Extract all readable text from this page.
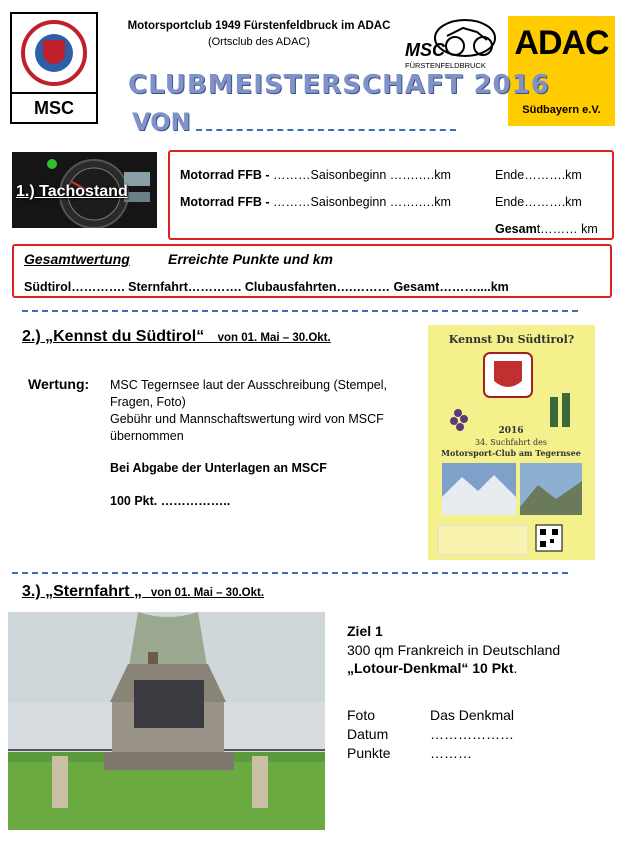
MSC
Motorsportclub 1949 Fürstenfeldbruck im ADAC
(Ortsclub des ADAC)	MSC
FÜRSTENFELDBRUCK
ADAC
Südbayern e.V.
CLUBMEISTERSCHAFT 2016
VON
1.) Tachostand
Motorrad FFB - ………Saisonbeginn …….….km	Ende……….km
Motorrad FFB - ………Saisonbeginn …….….km	Ende……….km
Gesamt……… km
Gesamtwertung	Erreichte Punkte und km
Südtirol…………. Sternfahrt…………. Clubausfahrten….……… Gesamt………....km
2.) „Kennst du Südtirol“ von 01. Mai – 30.Okt.
Wertung: MSC Tegernsee laut der Ausschreibung (Stempel, Fragen, Foto)
Gebühr und Mannschaftswertung wird von MSCF übernommen
Bei Abgabe der Unterlagen an MSCF
100 Pkt. ……………..
Kennst Du Südtirol?
2016
34. Suchfahrt des
Motorsport-Club am Tegernsee
3.) „Sternfahrt „ von 01. Mai – 30.Okt.
Ziel 1
300 qm Frankreich in Deutschland
„Lotour-Denkmal“ 10 Pkt.
Foto	Das Denkmal
Datum	………………
Punkte	………
